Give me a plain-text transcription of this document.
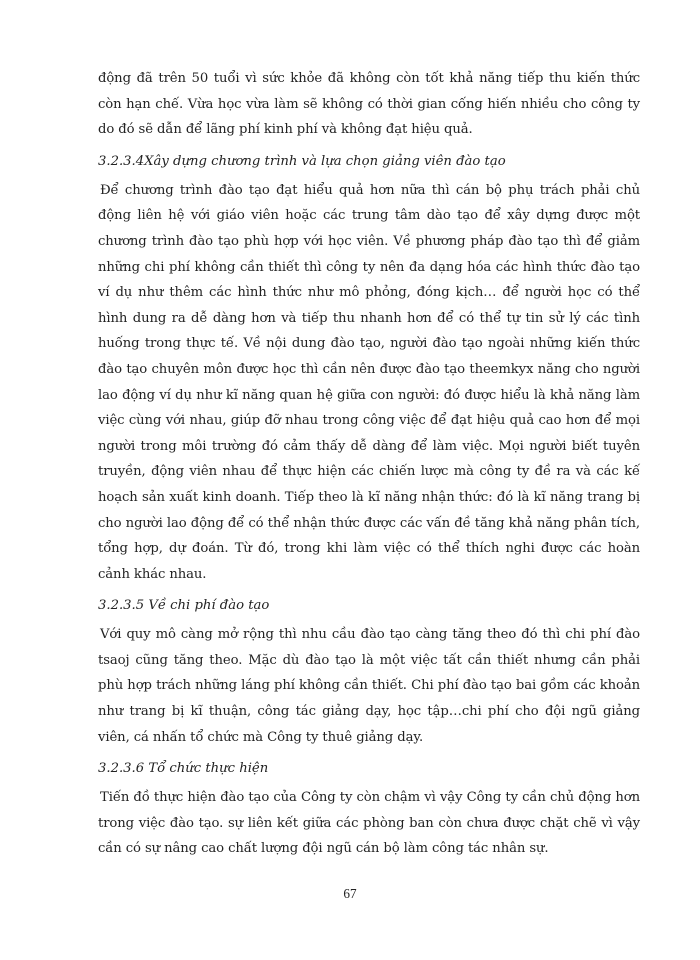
động đã trên 50 tuổi vì sức khỏe đã không còn tốt khả năng tiếp thu kiến thức còn hạn chế. Vừa học vừa làm sẽ không có thời gian cống hiến nhiều cho công ty do đó sẽ dẫn để lãng phí kinh phí và không đạt hiệu quả.

3.2.3.4Xây dựng chương trình và lựa chọn giảng viên đào tạo

Để chương trình đào tạo đạt hiểu quả hơn nữa thì cán bộ phụ trách phải chủ động liên hệ với giáo viên hoặc các trung tâm dào tạo để xây dựng được một chương trình đào tạo phù hợp với học viên. Về phương pháp đào tạo thì để giảm những chi phí không cần thiết thì công ty nên đa dạng hóa các hình thức đào tạo ví dụ như thêm các hình thức như mô phỏng, đóng kịch… để người học có thể hình dung ra dễ dàng hơn và tiếp thu nhanh hơn để có thể tự tin sử lý các tình huống trong thực tế. Về nội dung đào tạo, người đào tạo ngoài những kiến thức đào tạo chuyên môn được học thì cần nên được đào tạo theemkyx năng cho người lao động ví dụ như kĩ năng quan hệ giữa con người: đó được hiểu là khả năng làm việc cùng với nhau, giúp đỡ nhau trong công việc để đạt hiệu quả cao hơn để mọi người trong môi trường đó cảm thấy dễ dàng để làm việc. Mọi người biết tuyên truyền, động viên nhau để thực hiện các chiến lược mà công ty đề ra và các kế hoạch sản xuất kinh doanh. Tiếp theo là kĩ năng nhận thức: đó là kĩ năng trang bị cho người lao động để có thể nhận thức được các vấn đề tăng khả năng phân tích, tổng hợp, dự đoán. Từ đó, trong khi làm việc có thể thích nghi được các hoàn cảnh khác nhau.

3.2.3.5 Về chi phí đào tạo

Với quy mô càng mở rộng thì nhu cầu đào tạo càng tăng theo đó thì chi phí đào tsaoj cũng tăng theo. Mặc dù đào tạo là một việc tất cần thiết nhưng cần phải phù hợp trách những láng phí không cần thiết. Chi phí đào tạo bai gồm các khoản như trang bị kĩ thuận, công tác giảng dạy, học tập…chi phí cho đội ngũ giảng viên, cá nhấn tổ chức mà Công ty thuê giảng dạy.

3.2.3.6 Tổ chức thực hiện

Tiến đồ thực hiện đào tạo của Công ty còn chậm vì vậy Công ty cần chủ động hơn trong việc đào tạo. sự liên kết giữa các phòng ban còn chưa được chặt chẽ vì vậy cần có sự nâng cao chất lượng đội ngũ cán bộ làm công tác nhân sự.

67
